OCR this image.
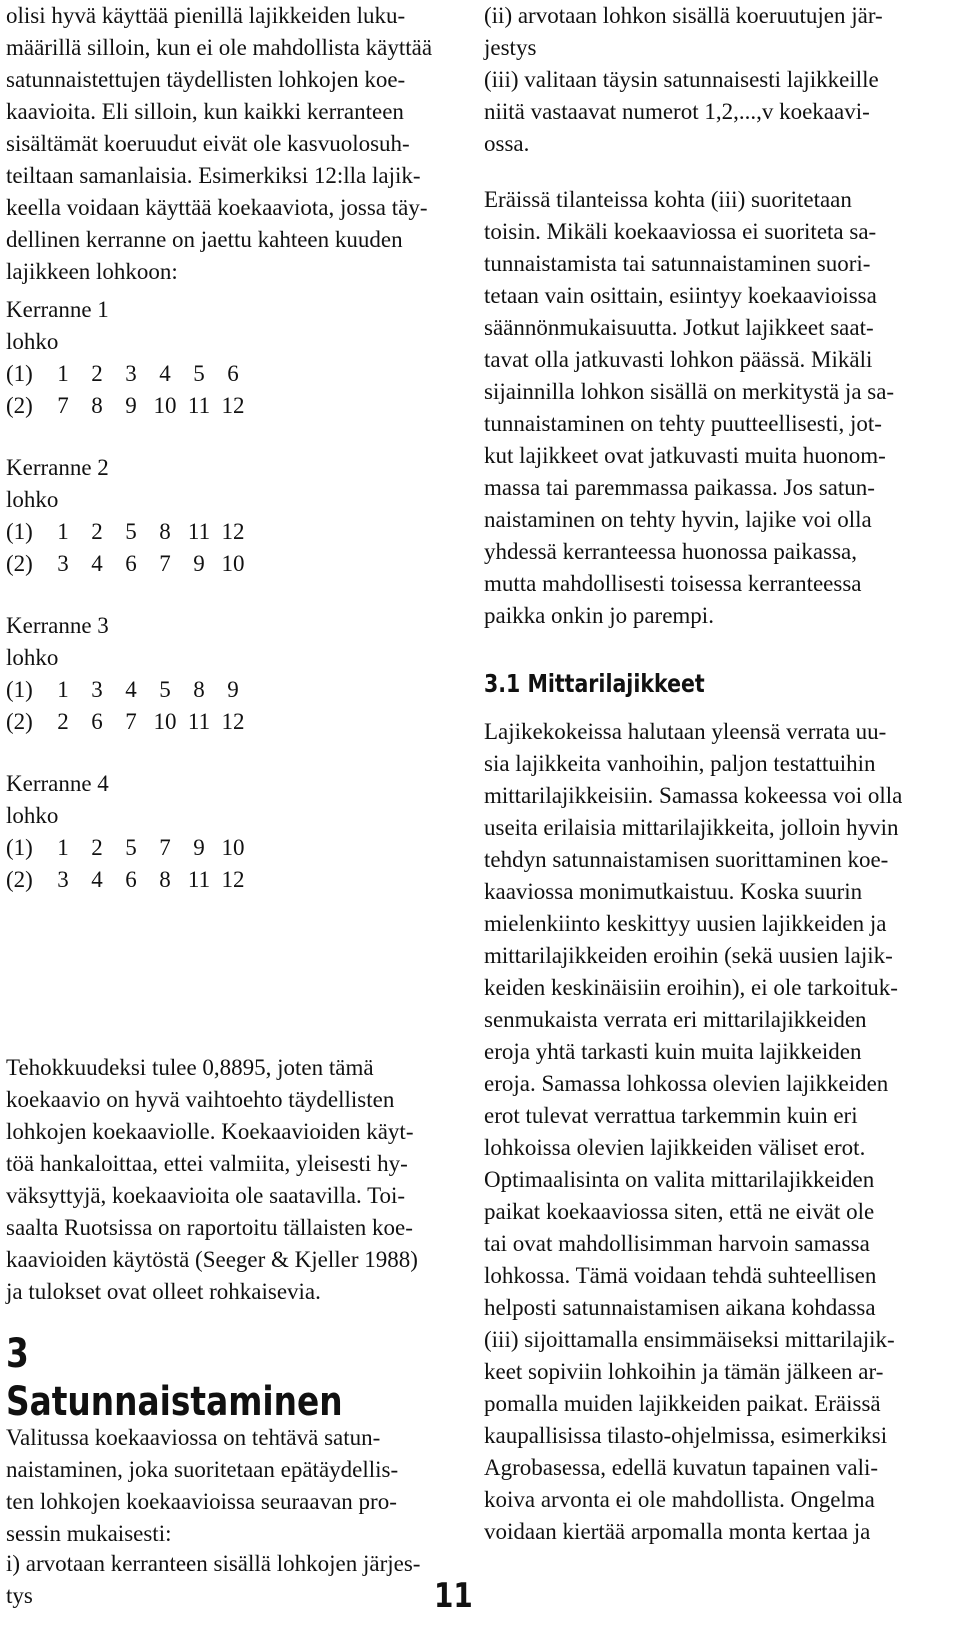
olisi hyvä käyttää pienillä lajikkeiden luku-
määrillä silloin, kun ei ole mahdollista käyttää
satunnaistettujen täydellisten lohkojen koe-
kaavioita. Eli silloin, kun kaikki kerranteen
sisältämät koeruudut eivät ole kasvuolosuh-
teiltaan samanlaisia. Esimerkiksi 12:lla lajik-
keella voidaan käyttää koekaaviota, jossa täy-
dellinen kerranne on jaettu kahteen kuuden
lajikkeen lohkoon:

Kerranne 1
lohko
(1)	1 2 3 4 5 6
(2)	7 8 9 10 11 12
Kerranne 2
lohko
(1)	1 2 5 8 11 12
(2)	3 4 6 7 9 10
Kerranne 3
lohko
(1)	1 3 4 5 8 9
(2)	2 6 7 10 11 12
Kerranne 4
lohko
(1)	1 2 5 7 9 10
(2)	3 4 6 8 11 12

Tehokkuudeksi tulee 0,8895, joten tämä
koekaavio on hyvä vaihtoehto täydellisten
lohkojen koekaaviolle. Koekaavioiden käyt-
töä hankaloittaa, ettei valmiita, yleisesti hy-
väksyttyjä, koekaavioita ole saatavilla. Toi-
saalta Ruotsissa on raportoitu tällaisten koe-
kaavioiden käytöstä (Seeger & Kjeller 1988)
ja tulokset ovat olleet rohkaisevia.

3 Satunnaistaminen

Valitussa koekaaviossa on tehtävä satun-
naistaminen, joka suoritetaan epätäydellis-
ten lohkojen koekaavioissa seuraavan pro-
sessin mukaisesti:

i) arvotaan kerranteen sisällä lohkojen järjes-
tys

(ii) arvotaan lohkon sisällä koeruutujen jär-
jestys
(iii) valitaan täysin satunnaisesti lajikkeille
niitä vastaavat numerot 1,2,...,v koekaavi-
ossa.

Eräissä tilanteissa kohta (iii) suoritetaan
toisin. Mikäli koekaaviossa ei suoriteta sa-
tunnaistamista tai satunnaistaminen suori-
tetaan vain osittain, esiintyy koekaavioissa
säännönmukaisuutta. Jotkut lajikkeet saat-
tavat olla jatkuvasti lohkon päässä. Mikäli
sijainnilla lohkon sisällä on merkitystä ja sa-
tunnaistaminen on tehty puutteellisesti, jot-
kut lajikkeet ovat jatkuvasti muita huonom-
massa tai paremmassa paikassa. Jos satun-
naistaminen on tehty hyvin, lajike voi olla
yhdessä kerranteessa huonossa paikassa,
mutta mahdollisesti toisessa kerranteessa
paikka onkin jo parempi.

3.1 Mittarilajikkeet

Lajikekokeissa halutaan yleensä verrata uu-
sia lajikkeita vanhoihin, paljon testattuihin
mittarilajikkeisiin. Samassa kokeessa voi olla
useita erilaisia mittarilajikkeita, jolloin hyvin
tehdyn satunnaistamisen suorittaminen koe-
kaaviossa monimutkaistuu. Koska suurin
mielenkiinto keskittyy uusien lajikkeiden ja
mittarilajikkeiden eroihin (sekä uusien lajik-
keiden keskinäisiin eroihin), ei ole tarkoituk-
senmukaista verrata eri mittarilajikkeiden
eroja yhtä tarkasti kuin muita lajikkeiden
eroja. Samassa lohkossa olevien lajikkeiden
erot tulevat verrattua tarkemmin kuin eri
lohkoissa olevien lajikkeiden väliset erot.
Optimaalisinta on valita mittarilajikkeiden
paikat koekaaviossa siten, että ne eivät ole
tai ovat mahdollisimman harvoin samassa
lohkossa. Tämä voidaan tehdä suhteellisen
helposti satunnaistamisen aikana kohdassa
(iii) sijoittamalla ensimmäiseksi mittarilajik-
keet sopiviin lohkoihin ja tämän jälkeen ar-
pomalla muiden lajikkeiden paikat. Eräissä
kaupallisissa tilasto-ohjelmissa, esimerkiksi
Agrobasessa, edellä kuvatun tapainen vali-
koiva arvonta ei ole mahdollista. Ongelma
voidaan kiertää arpomalla monta kertaa ja

11
